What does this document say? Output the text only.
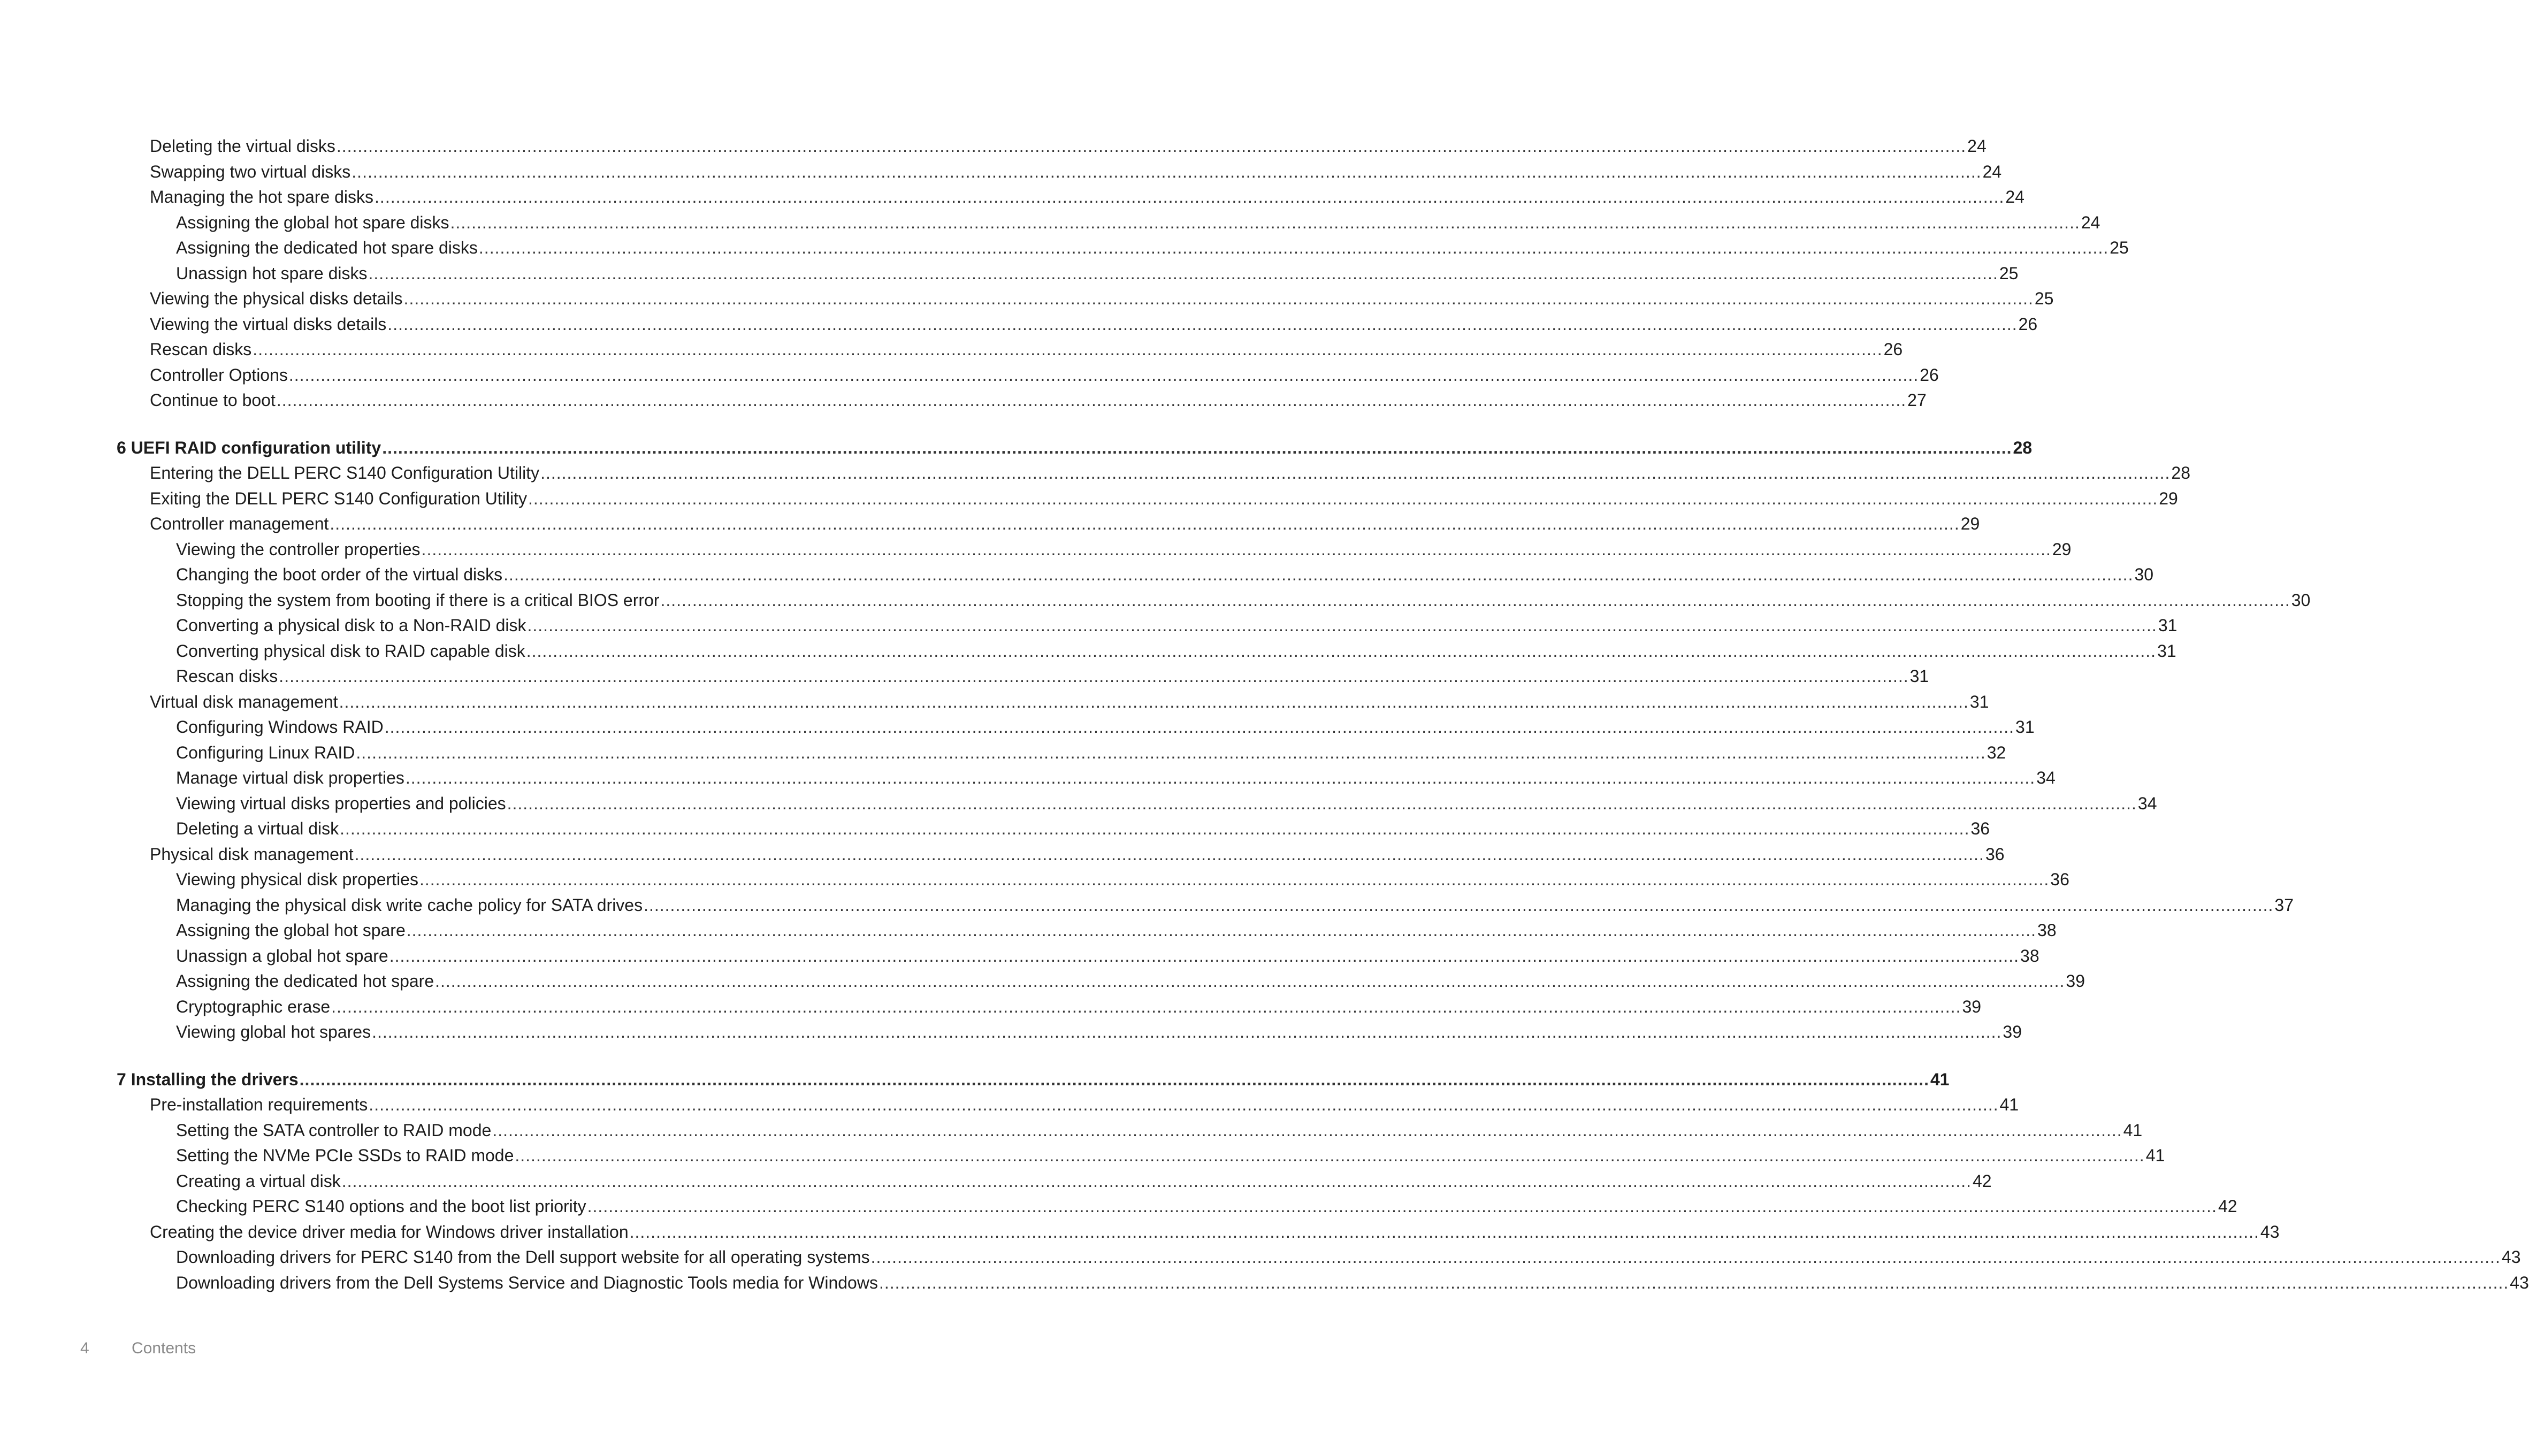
Deleting the virtual disks .....	24
Swapping two virtual disks .....	24
Managing the hot spare disks .....	24
Assigning the global hot spare disks .....	24
Assigning the dedicated hot spare disks .....	25
Unassign hot spare disks .....	25
Viewing the physical disks details .....	25
Viewing the virtual disks details .....	26
Rescan disks .....	26
Controller Options .....	26
Continue to boot .....	27
6 UEFI RAID configuration utility .....	28
Entering the DELL PERC S140 Configuration Utility .....	28
Exiting the DELL PERC S140 Configuration Utility .....	29
Controller management .....	29
Viewing the controller properties .....	29
Changing the boot order of the virtual disks .....	30
Stopping the system from booting if there is a critical BIOS error .....	30
Converting a physical disk to a Non-RAID disk .....	31
Converting physical disk to RAID capable disk .....	31
Rescan disks .....	31
Virtual disk management .....	31
Configuring Windows RAID .....	31
Configuring Linux RAID .....	32
Manage virtual disk properties .....	34
Viewing virtual disks properties and policies .....	34
Deleting a virtual disk .....	36
Physical disk management .....	36
Viewing physical disk properties .....	36
Managing the physical disk write cache policy for SATA drives .....	37
Assigning the global hot spare .....	38
Unassign a global hot spare .....	38
Assigning the dedicated hot spare .....	39
Cryptographic erase .....	39
Viewing global hot spares .....	39
7 Installing the drivers .....	41
Pre-installation requirements .....	41
Setting the SATA controller to RAID mode .....	41
Setting the NVMe PCIe SSDs to RAID mode .....	41
Creating a virtual disk .....	42
Checking PERC S140 options and the boot list priority .....	42
Creating the device driver media for Windows driver installation .....	43
Downloading drivers for PERC S140 from the Dell support website for all operating systems .....	43
Downloading drivers from the Dell Systems Service and Diagnostic Tools media for Windows .....	43
4	Contents
